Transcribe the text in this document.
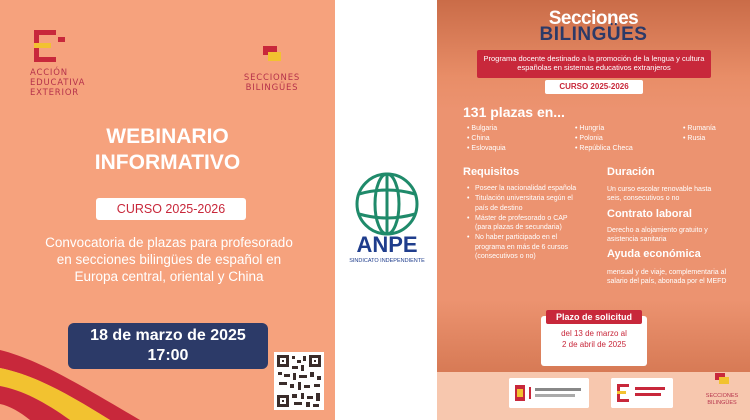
ACCIÓN
EDUCATIVA
EXTERIOR
SECCIONES
BILINGÜES
WEBINARIO
INFORMATIVO
CURSO 2025-2026
Convocatoria de plazas para profesorado en secciones bilingües de español en Europa central, oriental y China
18 de marzo de 2025
17:00
ANPE
SINDICATO INDEPENDIENTE
Secciones
BILINGÜES
Programa docente destinado a la promoción de la lengua y cultura españolas en sistemas educativos extranjeros
CURSO 2025-2026
131 plazas en...
• Bulgaria
• China
• Eslovaquia
• Hungría
• Polonia
• República Checa
• Rumanía
• Rusia
Requisitos
• Poseer la nacionalidad española
• Titulación universitaria según el país de destino
• Máster de profesorado o CAP (para plazas de secundaria)
• No haber participado en el programa en más de 6 cursos (consecutivos o no)
Duración
Un curso escolar renovable hasta seis, consecutivos o no
Contrato laboral
Derecho a alojamiento gratuito y asistencia sanitaria
Ayuda económica
mensual y de viaje, complementaria al salario del país, abonada por el MEFD
Plazo de solicitud
del 13 de marzo al
2 de abril de 2025
SECCIONES
BILINGÜES
